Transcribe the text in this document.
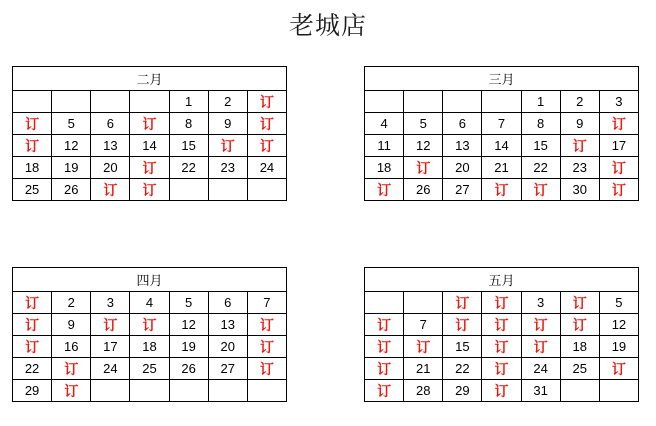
老城店
二月						
				1	2	订
订	5	6	订	8	9	订
订	12	13	14	15	订	订
18	19	20	订	22	23	24
25	26	订	订			
三月						
				1	2	3
4	5	6	7	8	9	订
11	12	13	14	15	订	17
18	订	20	21	22	23	订
订	26	27	订	订	30	订
四月						
订	2	3	4	5	6	7
订	9	订	订	12	13	订
订	16	17	18	19	20	订
22	订	24	25	26	27	订
29	订					
五月						
		订	订	3	订	5
订	7	订	订	订	订	12
订	订	15	订	订	18	19
订	21	22	订	24	25	订
订	28	29	订	31		
